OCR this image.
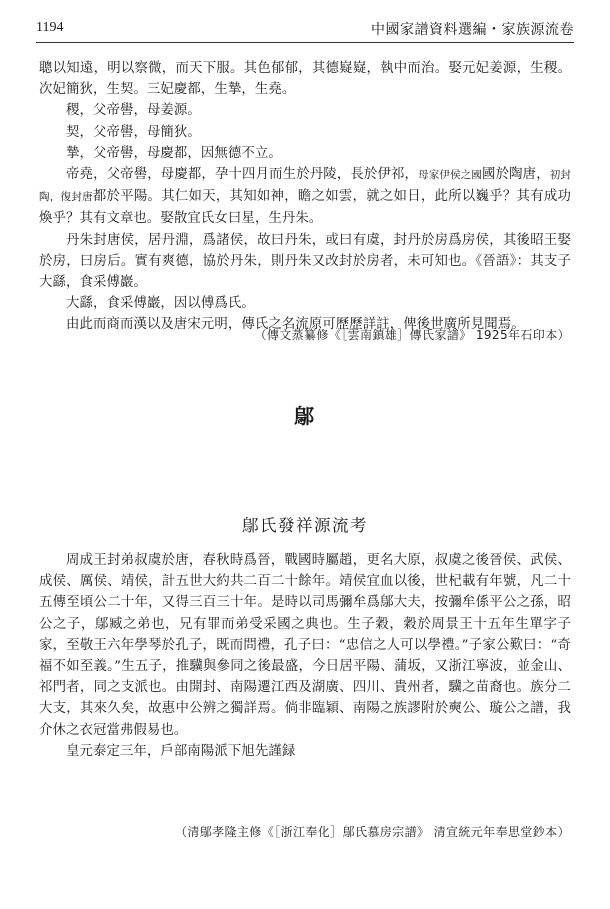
1194	中國家譜資料選編・家族源流卷

聰以知遠，明以察微，而天下服。其色郁郁，其德嶷嶷，執中而治。娶元妃姜源，生稷。次妃簡狄，生契。三妃慶都，生摯，生堯。

稷，父帝嚳，母姜源。

契，父帝嚳，母簡狄。

摯，父帝嚳，母慶都，因無德不立。

帝堯，父帝嚳，母慶都，孕十四月而生於丹陵，長於伊祁，母家伊侯之國國於陶唐，初封陶，復封唐都於平陽。其仁如天，其知如神，瞻之如雲，就之如日，此所以巍乎？其有成功煥乎？其有文章也。娶散宜氏女曰星，生丹朱。

丹朱封唐侯，居丹淵，爲諸侯，故曰丹朱，或曰有虞，封丹於房爲房侯，其後昭王娶於房，曰房后。實有爽德，協於丹朱，則丹朱又改封於房者，未可知也。《晉語》：其支子大繇，食采傅巖。

大繇，食采傅巖，因以傅爲氏。

由此而商而漢以及唐宋元明，傳氏之名流原可歷歷詳註，俾後世廣所見聞焉。

（傳文蒸纂修《［雲南鎮雄］傳氏家譜》 1925年石印本）
鄔
鄔氏發祥源流考

周成王封弟叔虞於唐，春秋時爲晉，戰國時屬趙，更名大原，叔虞之後晉侯、武侯、成侯、厲侯、靖侯，計五世大約共二百二十餘年。靖侯宜血以後，世杞載有年號，凡二十五傳至頃公二十年，又得三百三十年。是時以司馬彌牟爲鄔大夫，按彌牟係平公之孫，昭公之子，鄔臧之弟也，兄有罪而弟受采國之典也。生子穀，穀於周景王十五年生單字子家，至敬王六年學琴於孔子，既而問禮，孔子曰：“忠信之人可以學禮。”子家公歎曰：“奇福不如至義。”生五子，推驥與參同之後最盛，今日居平陽、蒲坂，又浙江寧波，並金山、祁門者，同之支派也。由開封、南陽遷江西及湖廣、四川、貴州者，驥之苗裔也。族分二大支，其來久矣，故惠中公辨之獨詳焉。倘非臨穎、南陽之族謬附於奭公、璇公之譜，我介休之衣冠當弗假易也。

皇元泰定三年，戶部南陽派下旭先謹録

（清鄔孝隆主修《［浙江奉化］鄔氏慕房宗譜》 清宣統元年奉思堂鈔本）
